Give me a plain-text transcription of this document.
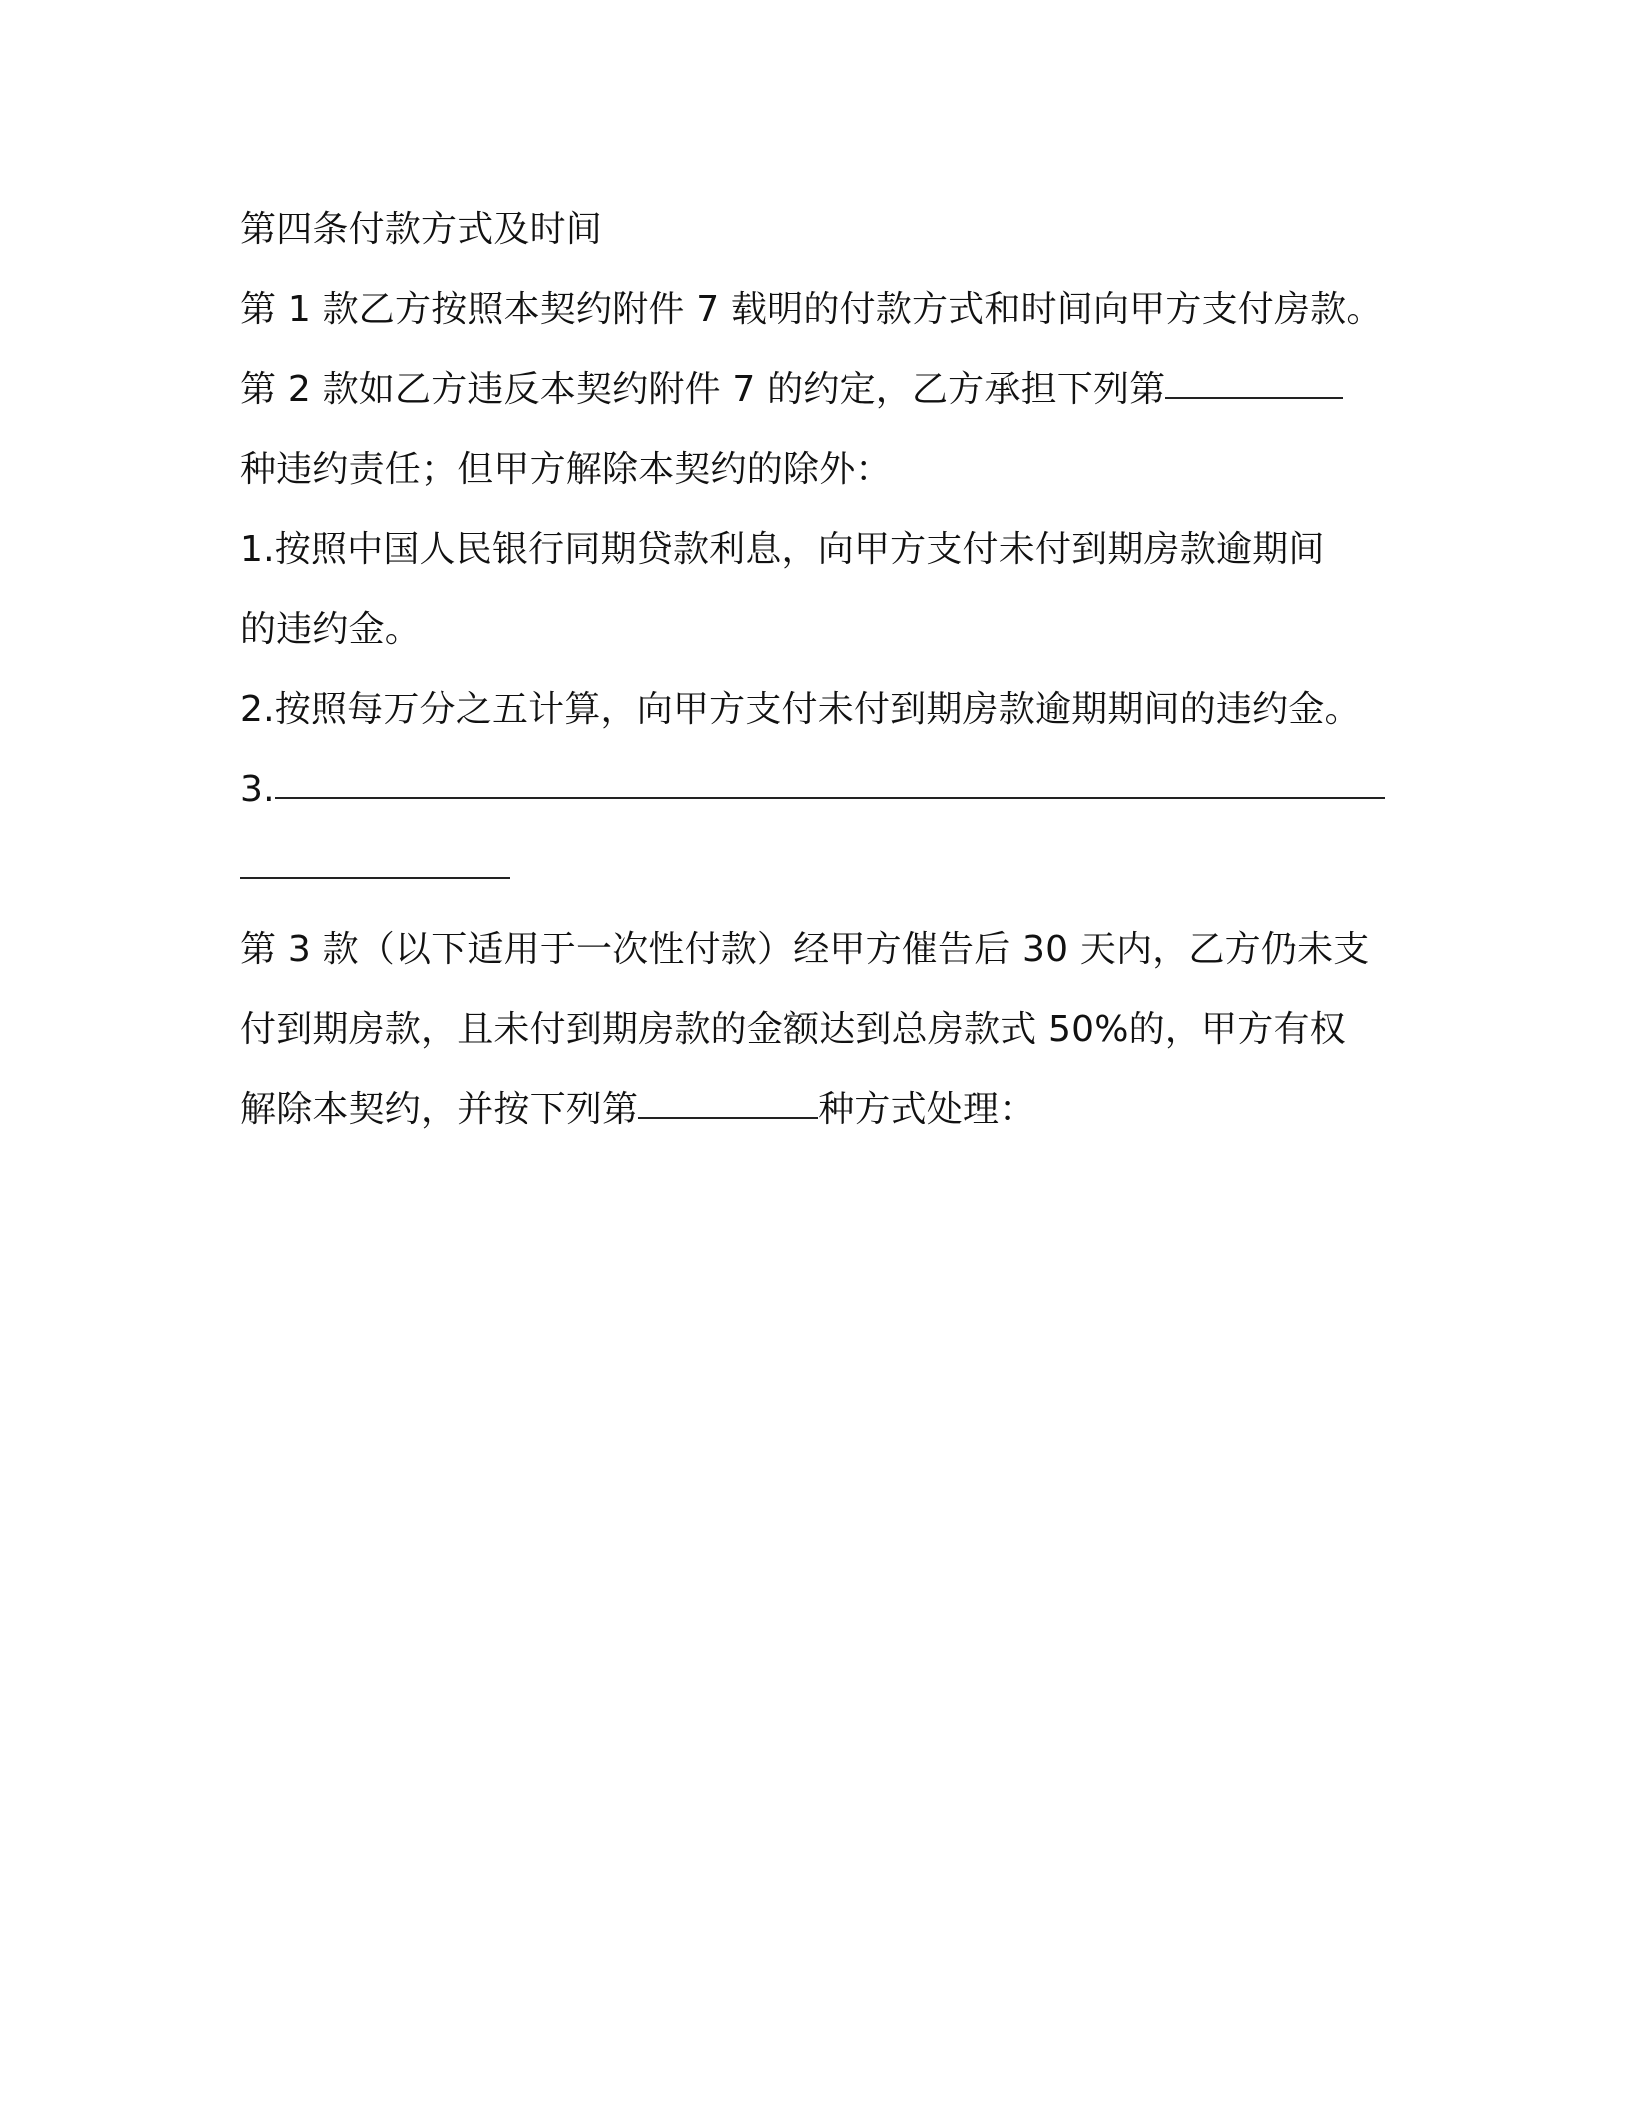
第四条付款方式及时间

第 1 款乙方按照本契约附件 7 载明的付款方式和时间向甲方支付房款。

第 2 款如乙方违反本契约附件 7 的约定，乙方承担下列第

种违约责任；但甲方解除本契约的除外：

1.按照中国人民银行同期贷款利息，向甲方支付未付到期房款逾期间

的违约金。

2.按照每万分之五计算，向甲方支付未付到期房款逾期期间的违约金。

3.

第 3 款（以下适用于一次性付款）经甲方催告后 30 天内，乙方仍未支

付到期房款，且未付到期房款的金额达到总房款式 50%的，甲方有权

解除本契约，并按下列第	种方式处理：
